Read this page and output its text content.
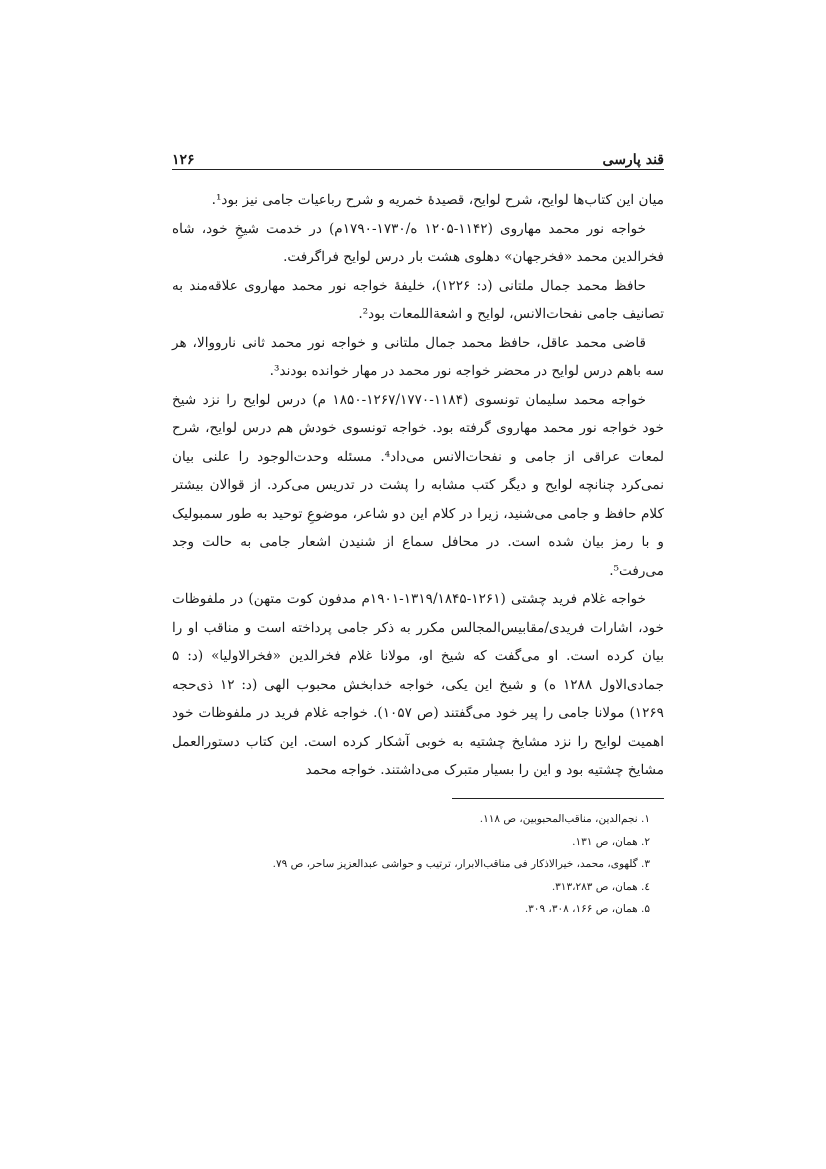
قند پارسی
۱۲۶

میان این کتاب‌ها لوایح، شرح لوایح، قصیدهٔ خمریه و شرح رباعیات جامی نیز بود¹.

خواجه نور محمد مهاروی (۱۱۴۲-۱۲۰۵ ه/۱۷۳۰-۱۷۹۰م) در خدمت شیخِ خود، شاه فخرالدین محمد «فخرجهان» دهلوی هشت بار درس لوایح فراگرفت.

حافظ محمد جمال ملتانی (د: ۱۲۲۶)، خلیفهٔ خواجه نور محمد مهاروی علاقه‌مند به تصانیف جامی نفحات‌الانس، لوایح و اشعةاللمعات بود².

قاضی محمد عاقل، حافظ محمد جمال ملتانی و خواجه نور محمد ثانی نارووالا، هر سه باهم درس لوایح در محضر خواجه نور محمد در مهار خوانده بودند³.

خواجه محمد سلیمان تونسوی (۱۱۸۴-۱۲۶۷/۱۷۷۰-۱۸۵۰ م) درس لوایح را نزد شیخ خود خواجه نور محمد مهاروی گرفته بود. خواجه تونسوی خودش هم درس لوایح، شرح لمعات عراقی از جامی و نفحات‌الانس می‌داد⁴. مسئله وحدت‌الوجود را علنی بیان نمی‌کرد چنانچه لوایح و دیگر کتب مشابه را پشت در تدریس می‌کرد. از قوالان بیشتر کلام حافظ و جامی می‌شنید، زیرا در کلام این دو شاعر، موضوعِ توحید به طور سمبولیک و با رمز بیان شده است. در محافل سماع از شنیدن اشعار جامی به حالت وجد می‌رفت⁵.

خواجه غلام فرید چشتی (۱۲۶۱-۱۳۱۹/۱۸۴۵-۱۹۰۱م مدفون کوت متهن) در ملفوظات خود، اشارات فریدی/مقابیس‌المجالس مکرر به ذکر جامی پرداخته است و مناقب او را بیان کرده است. او می‌گفت که شیخ او، مولانا غلام فخرالدین «فخرالاولیا» (د: ۵ جمادی‌الاول ۱۲۸۸ ه) و شیخ این یکی، خواجه خدابخش محبوب الهی (د: ۱۲ ذی‌حجه ۱۲۶۹) مولانا جامی را پیر خود می‌گفتند (ص ۱۰۵۷). خواجه غلام فرید در ملفوظات خود اهمیت لوایح را نزد مشایخ چشتیه به خوبی آشکار کرده است. این کتاب دستورالعمل مشایخ چشتیه بود و این را بسیار متبرک می‌داشتند. خواجه محمد

۱. نجم‌الدین، مناقب‌المحبوبین، ص ۱۱۸.

۲. همان، ص ۱۳۱.

۳. گلهوی، محمد، خیرالاذکار فی مناقب‌الابرار، ترتیب و حواشی عبدالعزیز ساحر، ص ۷۹.

٤. همان، ص ۳۱۳،۲۸۳.

۵. همان، ص ۱۶۶، ۳۰۸، ۳۰۹.
